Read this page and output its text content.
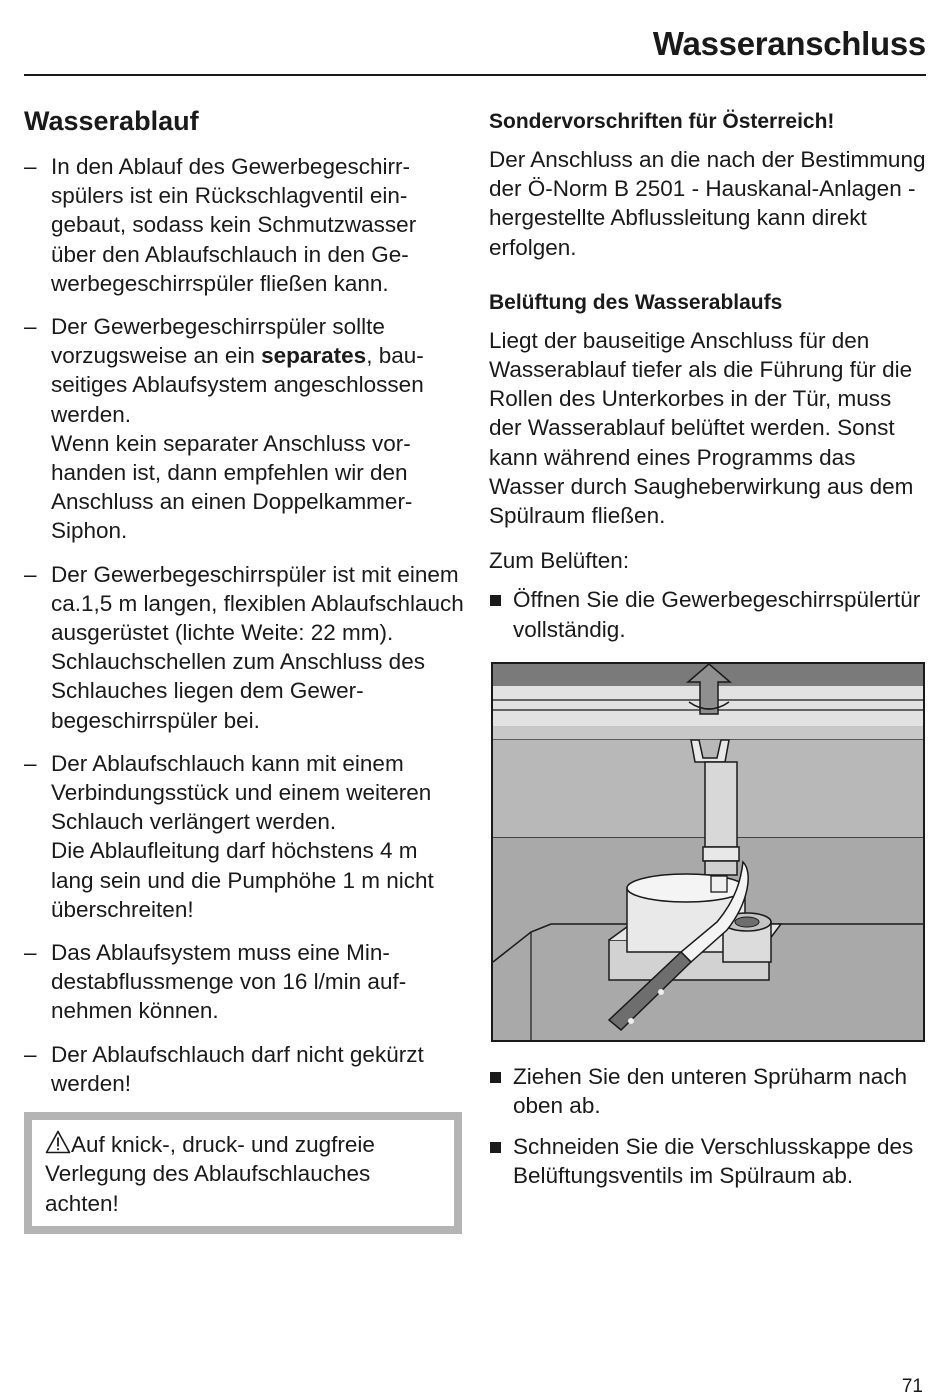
Wasseranschluss
Wasserablauf
– In den Ablauf des Gewerbegeschirrspülers ist ein Rückschlagventil eingebaut, sodass kein Schmutzwasser über den Ablaufschlauch in den Gewerbegeschirrspüler fließen kann.
– Der Gewerbegeschirrspüler sollte vorzugsweise an ein separates, bauseitiges Ablaufsystem angeschlossen werden.
Wenn kein separater Anschluss vorhanden ist, dann empfehlen wir den Anschluss an einen Doppelkammer-Siphon.
– Der Gewerbegeschirrspüler ist mit einem ca.1,5 m langen, flexiblen Ablaufschlauch ausgerüstet (lichte Weite: 22 mm).
Schlauchschellen zum Anschluss des Schlauches liegen dem Gewerbegeschirrspüler bei.
– Der Ablaufschlauch kann mit einem Verbindungsstück und einem weiteren Schlauch verlängert werden.
Die Ablaufleitung darf höchstens 4 m lang sein und die Pumphöhe 1 m nicht überschreiten!
– Das Ablaufsystem muss eine Mindestabflussmenge von 16 l/min aufnehmen können.
– Der Ablaufschlauch darf nicht gekürzt werden!
Auf knick-, druck- und zugfreie Verlegung des Ablaufschlauches achten!
Sondervorschriften für Österreich!

Der Anschluss an die nach der Bestimmung der Ö-Norm B 2501 - Hauskanal-Anlagen - hergestellte Abflussleitung kann direkt erfolgen.

Belüftung des Wasserablaufs

Liegt der bauseitige Anschluss für den Wasserablauf tiefer als die Führung für die Rollen des Unterkorbes in der Tür, muss der Wasserablauf belüftet werden. Sonst kann während eines Programms das Wasser durch Saugheberwirkung aus dem Spülraum fließen.

Zum Belüften:

Öffnen Sie die Gewerbegeschirrspülertür vollständig.
Ziehen Sie den unteren Sprüharm nach oben ab.
Schneiden Sie die Verschlusskappe des Belüftungsventils im Spülraum ab.
71
